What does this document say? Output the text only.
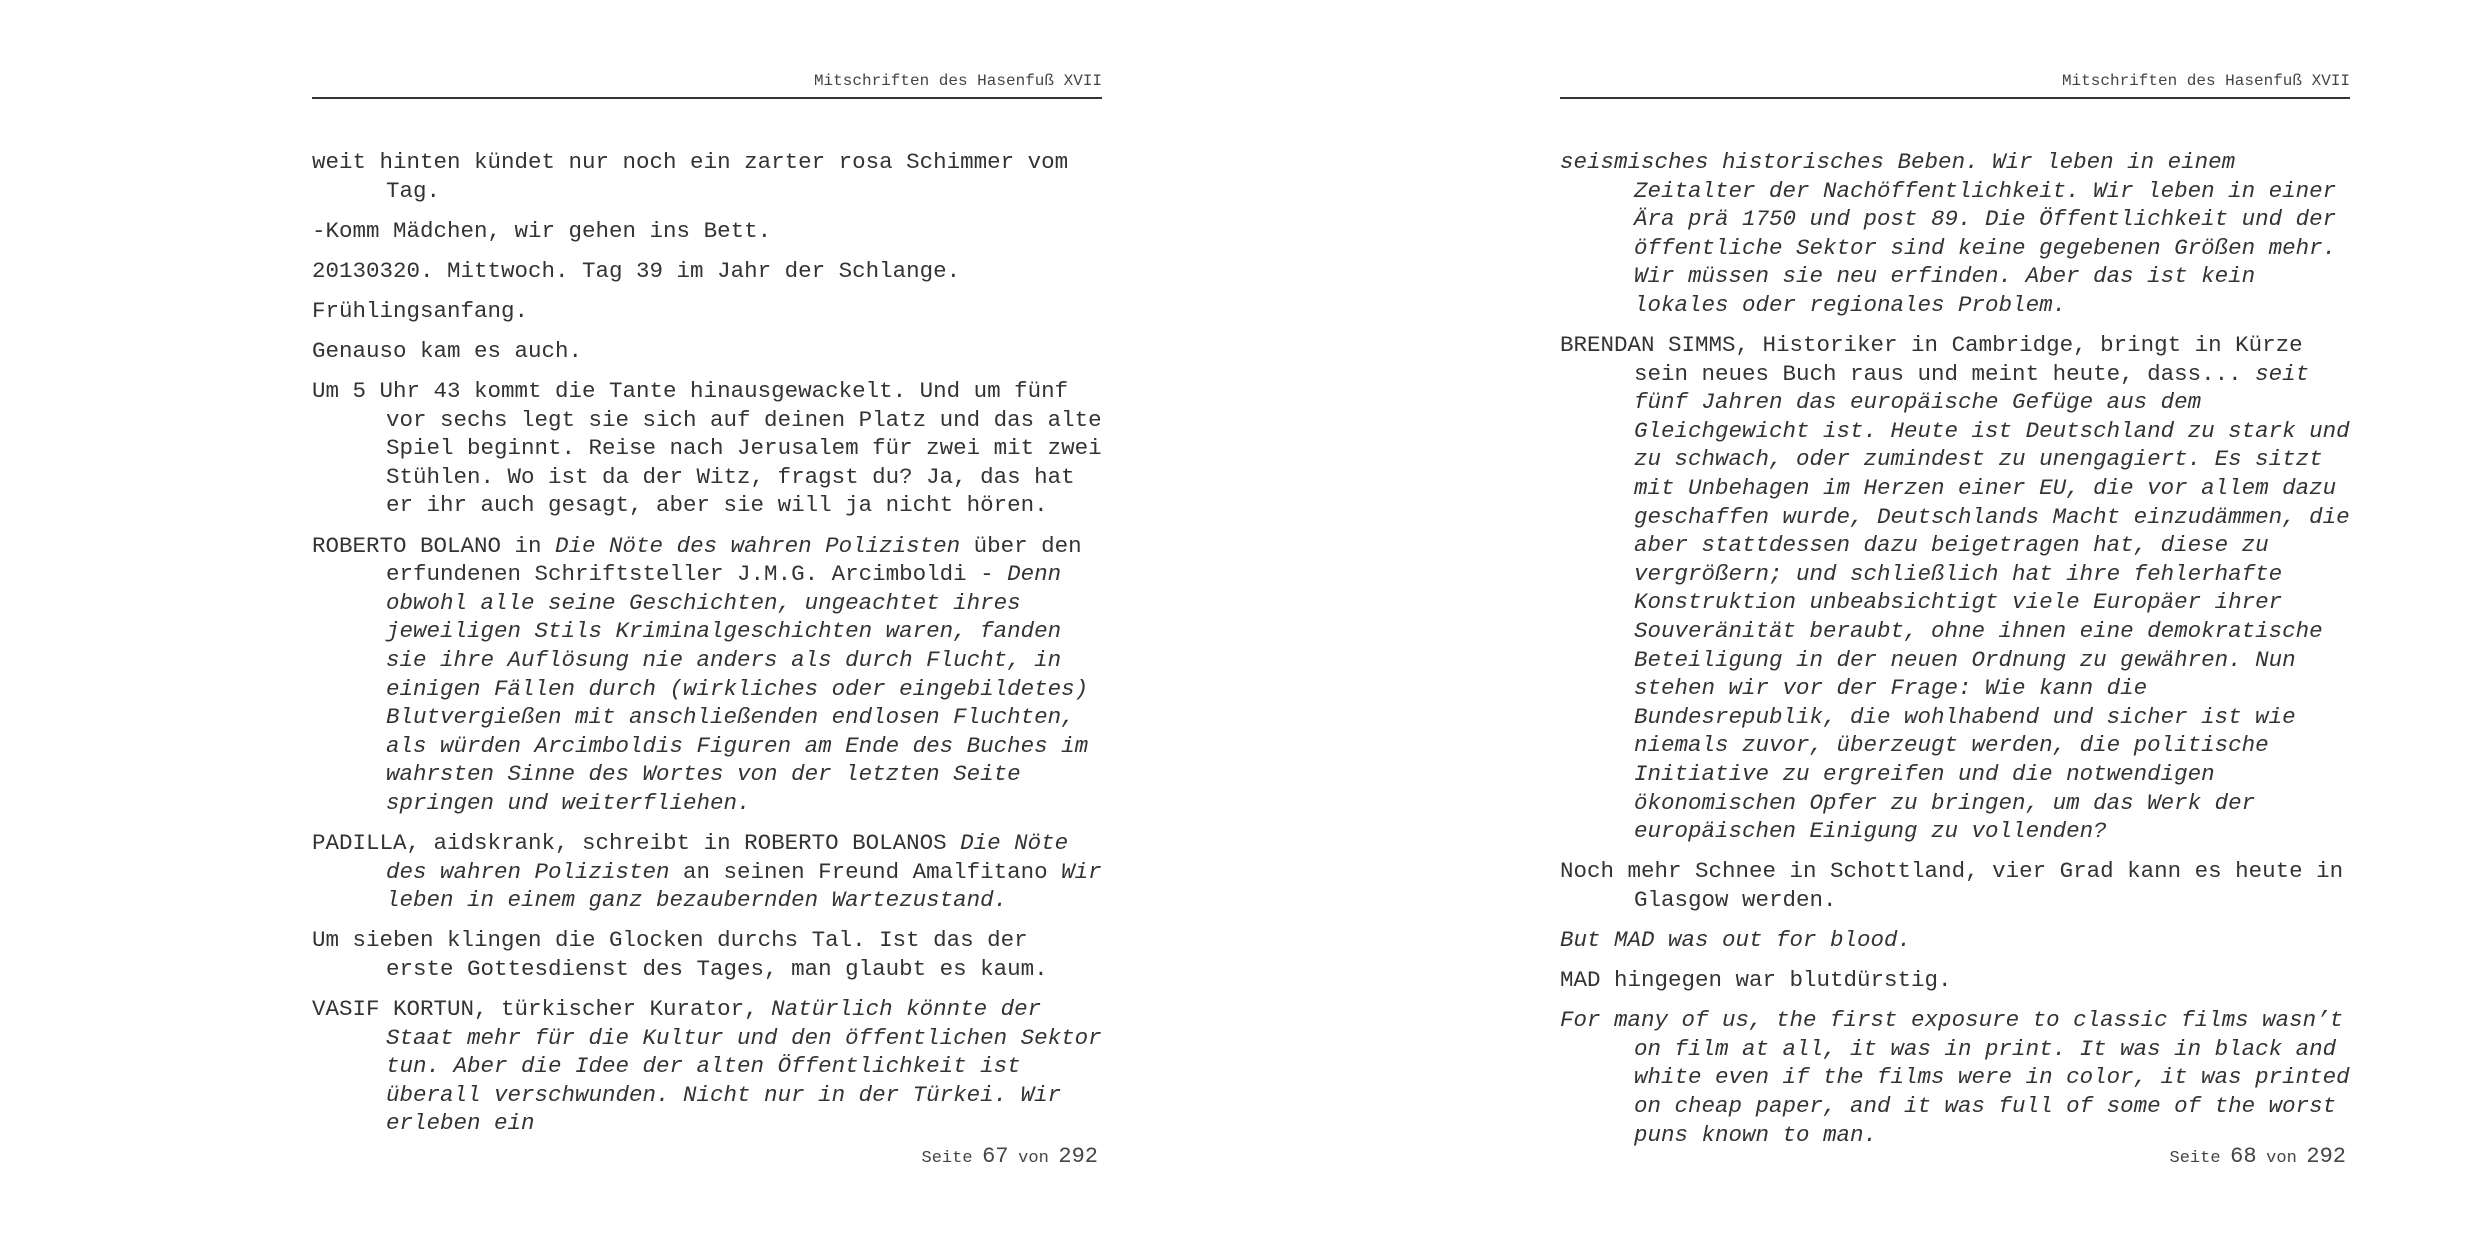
Mitschriften des Hasenfuß XVII

weit hinten kündet nur noch ein zarter rosa Schimmer vom Tag.

-Komm Mädchen, wir gehen ins Bett.

20130320. Mittwoch. Tag 39 im Jahr der Schlange.

Frühlingsanfang.

Genauso kam es auch.

Um 5 Uhr 43 kommt die Tante hinausgewackelt. Und um fünf vor sechs legt sie sich auf deinen Platz und das alte Spiel beginnt. Reise nach Jerusalem für zwei mit zwei Stühlen. Wo ist da der Witz, fragst du? Ja, das hat er ihr auch gesagt, aber sie will ja nicht hören.

ROBERTO BOLANO in Die Nöte des wahren Polizisten über den erfundenen Schriftsteller J.M.G. Arcimboldi - Denn obwohl alle seine Geschichten, ungeachtet ihres jeweiligen Stils Kriminalgeschichten waren, fanden sie ihre Auflösung nie anders als durch Flucht, in einigen Fällen durch (wirkliches oder eingebildetes) Blutvergießen mit anschließenden endlosen Fluchten, als würden Arcimboldis Figuren am Ende des Buches im wahrsten Sinne des Wortes von der letzten Seite springen und weiterfliehen.

PADILLA, aidskrank, schreibt in ROBERTO BOLANOS Die Nöte des wahren Polizisten an seinen Freund Amalfitano Wir leben in einem ganz bezaubernden Wartezustand.

Um sieben klingen die Glocken durchs Tal. Ist das der erste Gottesdienst des Tages, man glaubt es kaum.

VASIF KORTUN, türkischer Kurator, Natürlich könnte der Staat mehr für die Kultur und den öffentlichen Sektor tun. Aber die Idee der alten Öffentlichkeit ist überall verschwunden. Nicht nur in der Türkei. Wir erleben ein

Seite 67 von 292
Mitschriften des Hasenfuß XVII

seismisches historisches Beben. Wir leben in einem Zeitalter der Nachöffentlichkeit. Wir leben in einer Ära prä 1750 und post 89. Die Öffentlichkeit und der öffentliche Sektor sind keine gegebenen Größen mehr. Wir müssen sie neu erfinden. Aber das ist kein lokales oder regionales Problem.

BRENDAN SIMMS, Historiker in Cambridge, bringt in Kürze sein neues Buch raus und meint heute, dass... seit fünf Jahren das europäische Gefüge aus dem Gleichgewicht ist. Heute ist Deutschland zu stark und zu schwach, oder zumindest zu unengagiert. Es sitzt mit Unbehagen im Herzen einer EU, die vor allem dazu geschaffen wurde, Deutschlands Macht einzudämmen, die aber stattdessen dazu beigetragen hat, diese zu vergrößern; und schließlich hat ihre fehlerhafte Konstruktion unbeabsichtigt viele Europäer ihrer Souveränität beraubt, ohne ihnen eine demokratische Beteiligung in der neuen Ordnung zu gewähren. Nun stehen wir vor der Frage: Wie kann die Bundesrepublik, die wohlhabend und sicher ist wie niemals zuvor, überzeugt werden, die politische Initiative zu ergreifen und die notwendigen ökonomischen Opfer zu bringen, um das Werk der europäischen Einigung zu vollenden?

Noch mehr Schnee in Schottland, vier Grad kann es heute in Glasgow werden.

But MAD was out for blood.

MAD hingegen war blutdürstig.

For many of us, the first exposure to classic films wasn’t on film at all, it was in print. It was in black and white even if the films were in color, it was printed on cheap paper, and it was full of some of the worst puns known to man.

Seite 68 von 292
